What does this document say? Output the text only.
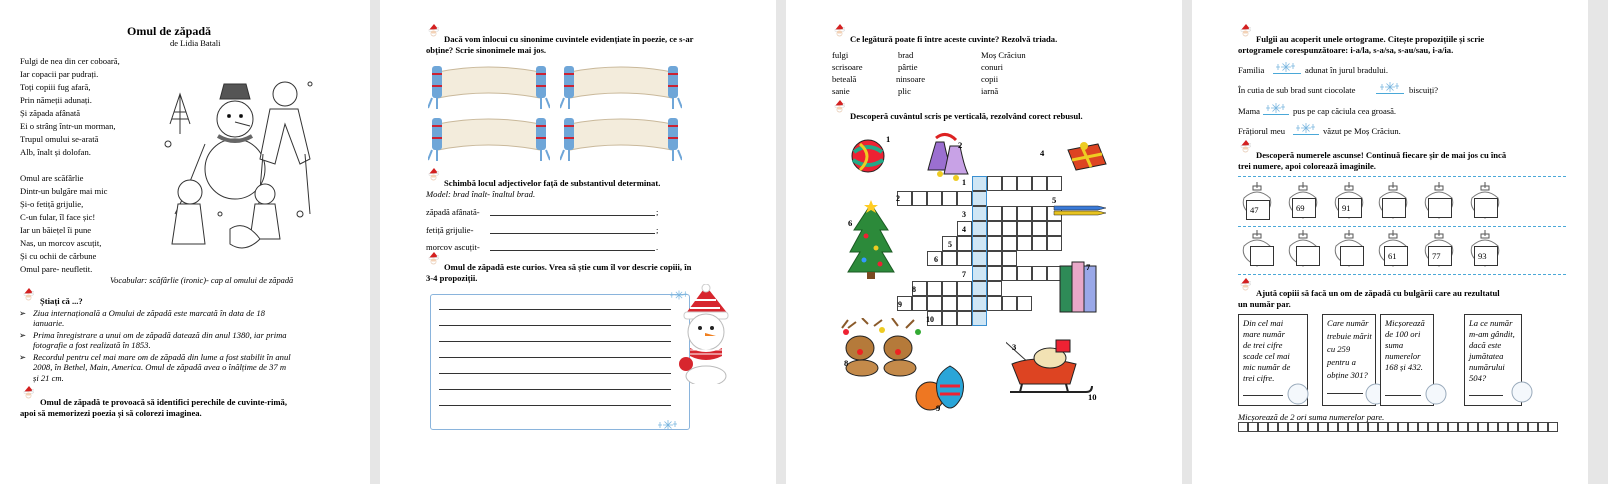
Omul de zăpadă
de Lidia Batali
Fulgi de nea din cer coboară,
Iar copacii par pudrați.
Toți copiii fug afară,
Prin nămeții adunați.
Și zăpada afânată
Ei o strâng într-un morman,
Trupul omului se-arată
Alb, înalt și dolofan.
Omul are scăfârlie
Dintr-un bulgăre mai mic
Și-o fetiță grijulie,
C-un fular, îl face șic!
Iar un băiețel îi pune
Nas, un morcov ascuțit,
Și cu ochii de cărbune
Omul pare- neufletit.
Vocabular: scăfârlie (ironic)- cap al omului de zăpadă
Știați că ...?
➢ Ziua internațională a Omului de zăpadă este marcată în data de 18
ianuarie.
➢ Prima înregistrare a unui om de zăpadă datează din anul 1380, iar prima
fotografie a fost realizată în 1853.
➢ Recordul pentru cel mai mare om de zăpadă din lume a fost stabilit în anul
2008, în Bethel, Main, America. Omul de zăpadă avea o înălțime de 37 m
și 21 cm.
Omul de zăpadă te provoacă să identifici perechile de cuvinte-rimă,
apoi să memorizezi poezia și să colorezi imaginea.
Dacă vom înlocui cu sinonime cuvintele evidențiate în poezie, ce s-ar
obține? Scrie sinonimele mai jos.
Schimbă locul adjectivelor față de substantivul determinat.
Model: brad înalt- înaltul brad.
zăpadă afânată-	;
fetiță grijulie-	;
morcov ascuțit-	.
Omul de zăpadă este curios. Vrea să știe cum îl vor descrie copiii, în
3-4 propoziții.
Ce legătură poate fi între aceste cuvinte? Rezolvă triada.
fulgi	brad	Moș Crăciun
scrisoare	pârtie	conuri
beteală	ninsoare	copii
sanie	plic	iarnă
Descoperă cuvântul scris pe verticală, rezolvând corect rebusul.
1
2
3
4
5
6
7
8
9
10
1
2
4
5
6
7
8
9
3
10
Fulgii au acoperit unele ortograme. Citește propozițiile și scrie
ortogramele corespunzătoare: i-a/la, s-a/sa, s-au/sau, i-a/ia.
Familia	adunat în jurul bradului.
În cutia de sub brad sunt ciocolate	biscuiți?
Mama	pus pe cap căciula cea groasă.
Frățiorul meu	văzut pe Moș Crăciun.
Descoperă numerele ascunse! Continuă fiecare șir de mai jos cu încă
trei numere, apoi colorează imaginile.
47	69	91
61	77	93
Ajută copiii să facă un om de zăpadă cu bulgării care au rezultatul
un număr par.
Din cel mai
mare număr
de trei cifre
scade cel mai
mic număr de
trei cifre.
Care număr
trebuie mărit
cu 259
pentru a
obține 301?
Micșorează
de 100 ori
suma
numerelor
168 și 432.
La ce număr
m-am gândit,
dacă este
jumătatea
numărului
504?
Micșorează de 2 ori suma numerelor pare.
